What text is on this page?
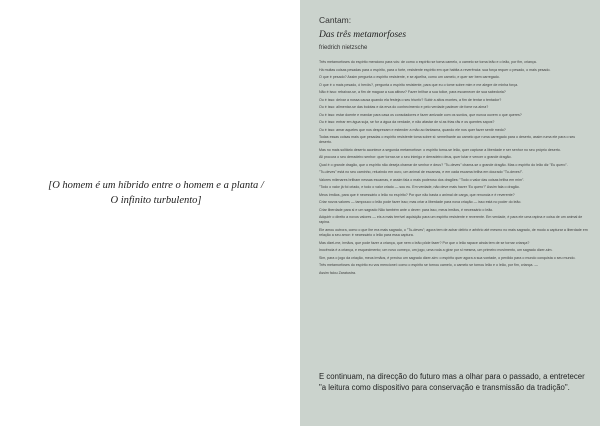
[O homem é um híbrido entre o homem e a planta /
O infinito turbulento]
Cantam:
Das três metamorfoses
friedrich nietzsche
Três metamorfoses do espírito menciono para vós: de como o espírito se torna camelo, o camelo se torna leão e o leão, por fim, criança.
Há muitas coisas pesadas para o espírito, para o forte, resistente espírito em que habita a reverência: sua força requer o pesado, o mais pesado.
O que é pesado? Assim pergunta o espírito resistente, e se ajoelha, como um camelo, e quer ser bem carregado.
O que é o mais pesado, ó heróis?, pergunta o espírito resistente, para que eu o tome sobre mim e me alegre de minha força.
Não é isso: rebaixar-se, a fim de magoar a sua altivez? Fazer brilhar a sua tolice, para escarnecer de sua sabedoria?
Ou é isso: deixar a nossa causa quando ela festeja o seu triunfo? Subir a altos montes, a fim de tentar o tentador?
Ou é isso: alimentar-se das bolotas e da erva do conhecimento e pelo verdade padecer de fome na alma?
Ou é isso: estar doente e mandar para casa os consoladores e fazer amizade com os surdos, que nunca ouvem o que queres?
Ou é isso: entrar em água suja, se for a água da verdade, e não afastar de si as frias rãs e os quentes sapos?
Ou é isso: amar aqueles que nos desprezam e estender a mão ao fantasma, quando ele nos quer fazer sentir medo?
Todas essas coisas mais que pesadas o espírito resistente toma sobre si: semelhante ao camelo que ruma carregado para o deserto, assim ruma ele para o seu deserto.
Mas no mais solitário deserto acontece a segunda metamorfose: o espírito torna-se leão, quer capturar a liberdade e ser senhor no seu próprio deserto.
Ali procura o seu derradeiro senhor: quer tornar-se o seu inimigo e derradeiro deus, quer lutar e vencer o grande dragão.
Qual é o grande dragão, que o espírito não deseja chamar de senhor e deus? "Tu-deves" chama-se o grande dragão. Mas o espírito do leão diz "Eu quero".
"Tu-deves" está no seu caminho, reluzindo em ouro, um animal de escamas, e em cada escama brilha em dourado "Tu-deves!".
Valores milenares brilham nessas escamas, e assim fala o mais poderoso dos dragões: "Todo o valor das coisas brilha em mim".
"Todo o valor já foi criado, e todo o valor criado — sou eu. Em verdade, não deve mais haver 'Eu quero'!" Assim fala o dragão.
Meus irmãos, para que é necessário o leão no espírito? Por que não basta o animal de carga, que renuncia e é reverente?
Criar novos valores — tampouco o leão pode fazer isso; mas criar a liberdade para nova criação — isso está no poder do leão.
Criar liberdade para si e um sagrado Não também ante o dever: para isso, meus irmãos, é necessário o leão.
Adquirir o direito a novos valores — eis a mais terrível aquisição para um espírito resistente e reverente. Em verdade, é para ele uma rapina e coisa de um animal de rapina.
Ele amou outrora, como o que lhe era mais sagrado, o "Tu-deves"; agora tem de achar delírio e arbítrio até mesmo no mais sagrado, de modo a capturar a liberdade em relação a seu amor: é necessário o leão para essa captura.
Mas dizei-me, irmãos, que pode fazer a criança, que nem o leão pôde fazer? Por que o leão rapace ainda tem de se tornar criança?
Inocência é a criança, e esquecimento; um novo começo, um jogo, uma roda a girar por si mesma, um primeiro movimento, um sagrado dizer-sim.
Sim, para o jogo da criação, meus irmãos, é preciso um sagrado dizer-sim: o espírito quer agora a sua vontade, o perdido para o mundo conquista o seu mundo.
Três metamorfoses do espírito eu vos mencionei: como o espírito se tornou camelo, o camelo se tornou leão e o leão, por fim, criança. —
Assim falou Zaratustra.
E continuam, na direcção do futuro mas a olhar para o passado, a entretecer "a leitura como dispositivo para conservação e transmissão da tradição".
